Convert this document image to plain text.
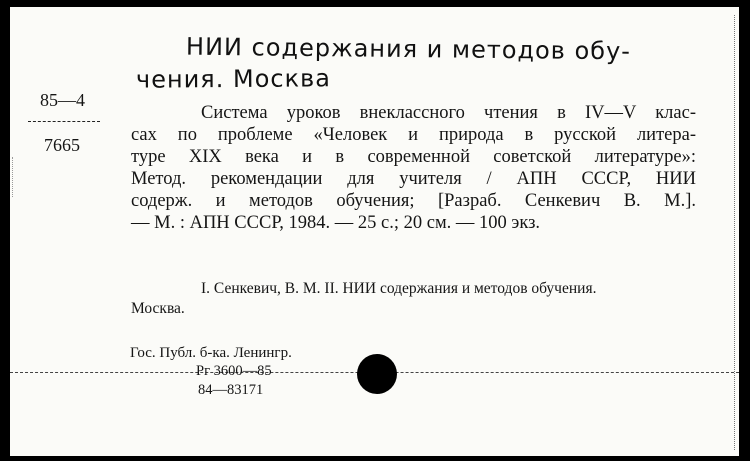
НИИ содержания и методов обу-
чения. Москва
85—4
7665
Система уроков внеклассного чтения в IV—V клас-
сах по проблеме «Человек и природа в русской литера-
туре XIX века и в современной советской литературе»:
Метод. рекомендации для учителя / АПН СССР, НИИ
содерж. и методов обучения; [Разраб. Сенкевич В. М.].
— М. : АПН СССР, 1984. — 25 с.; 20 см. — 100 экз.
I. Сенкевич, В. М. II. НИИ содержания и методов обучения.
Москва.
Гос. Публ. б-ка. Ленингр.
Рг 3600—85
84—83171
